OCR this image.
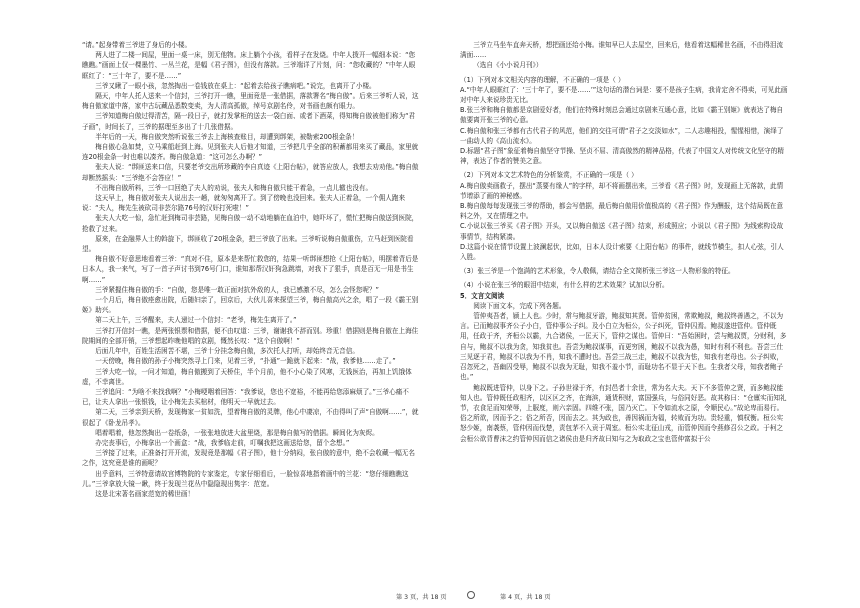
“请。”起身带着三爷进了身后的小楼。

两人进了二楼一间屋，里面一桌一床，别无他物。床上躺个小孩，看样子在发烧。中年人拨开一幅细本说：“您瞧瞧。”画面上仅一棵墨竹、一丛兰花，是幅《君子图》，但没有落款。三爷端详了片刻，问：“您收藏的？”中年人眼眶红了：“三十年了，要不是……”

三爷又瞅了一眼小孩，忽然掏出一卷钱放在桌上：“起着去给孩子瞧病吧。”说完，也离开了小楼。

隔天，中年人托人送来一个信封，三爷打开一瞧，里面竟是一张借据，落款署名“梅自傲”。后来三爷听人说，这梅自傲家道中落，家中古玩藏品悉数变卖，为人清高孤傲，绰号京剧名伶，对书画也颇有眼力。

三爷知道梅自傲过得清苦，隔一段日子，就打发掌柜的送去一袋白面、或者下酒菜，得知梅自傲被他们称为“君子画”，时间长了，三爷的据理至多出了十几张借据。

半年后的一天，梅自傲突然听说张三爷去上海核查账目，却遭到绑架，被勒索200根金条！

梅自傲心急如焚，立马乘船赶到上海。见到张夫人后他才知道，三爷把几乎全部的积蓄都用来买了藏品，家里就连20根金条一时也难以凑齐。梅自傲急道：“这可怎么办啊？”

张夫人说：“绑匪送来口信，只要老爷交出所珍藏的李自真迹《上阳台帖》，就答应放人，我想去劝劝他。”梅自傲却断然摇头：“三爷绝不会答应！”

不出梅自傲所料，三爷一口回绝了夫人的劝说，张夫人和梅自傲只能干着急，一点儿辙也没有。

这天早上，梅自傲对张夫人说出去一趟，就匆匆离开了。到了傍晚也没回来。张夫人正着急，一个佣人跑来说：“夫人，梅先生被砍司非芸尔路76号的汉奸打死啦！”

张夫人大吃一惊，急忙赶到梅司非芸路，见梅自傲一动不动地躺在血泊中，她吓坏了，慌忙把梅自傲送到医院，抢救了过来。

原来，在金融界人士的斡旋下，绑匪收了20根金条，把三爷放了出来。三爷听说梅自傲重伤，立马赶到医院看望。

梅自傲不好意思地看着三爷：“真对不住，原本是来帮忙救您的，结果一听绑匪想抢《上阳台帖》，明摆着背后是日本人，我一来气，写了一首子声讨书到76号门口，谁知那帮汉奸狗急跳墙，对我下了狠手，真是百无一用是书生啊……”

三爷紧握住梅自傲的手：“自傲，您是唯一敢正面对抗外敌的人，我已感激不尽，怎么会怪您呢？”

一个月后，梅自傲痊愈出院，后随妇亲了，回京后，大伙儿喜来探望三爷，梅自傲高兴之余，唱了一段《霸王别姬》助兴。

第二天上午，三爷醒来，夫人递过一个信封：“老爷，梅先生离开了。”

三爷打开信封一瞧，是两张银票和借据，便不由叹道：三爷，谢谢我不辞而别。珍重！借据则是梅自傲在上海住院期间的全部开销，三爷想起昨晚他唱的京剧，慨然长叹：“这个自傲啊！”

后面几年中，百姓生活困苦不堪，三爷十分挂念梅自傲，多次托人打听，却始终音无音信。

一天傍晚，梅自傲的孙子小梅突然寻上门来，见着三爷，“扑通”一跪就下起来：“战，我爹他……走了。”

三爷大吃一惊，一问才知道，梅自傲搬到了天桥住，半个月前，他不小心染了风寒，无钱医治，再加上饥饿体虚，不幸离世。

三爷追问：“为啥不来找我啊？”小梅哽咽着回答：“我爹说，您也不宽裕，不能再给您添麻烦了。”三爷心痛不已，让夫人拿出一张银钱，让小梅先去买棺材，他明天一早就过去。

第二天，三爷亲到天桥，发现梅家一贫如洗，望着梅自傲的灵牌，他心中凄凉，不由得叫了声“自傲啊……”，就很起了《卧龙吊孝》。

唱着唱着，他忽然掏出一卷纸条，一张张地放进大盆里烧，那是梅自傲写的借据。瞬间化为灰烬。

办完丧事后，小梅拿出一个画盒：“战，我爹临走前，叮嘱我把这画送给您，留个念想。”

三爷接了过来，正准备打开开流，发现竟是那幅《君子图》，他十分纳闷，张自傲的意中，绝不会收藏一幅无名之作，这究竟是谁的画呢？

出乎意料，三爷特意请故宫博物院的专家鉴定，专家仔细看后，一脸惊喜地指着画中的兰花：“您仔细瞧瞧这儿。”三爷拿放大镜一瞅，终于发现兰花丛中隐隐现出隽字：范宽。

这是北宋著名画家范宽的稀世画！

三爷立马坐车直奔天桥，想把画还给小梅。谁知早已人去屋空，回来后，他看着这幅稀世名画，不由得泪流满面……

（选自《小小说月刊》）

（1）下列对本文相关内容的理解，不正确的一项是（ ）

A.“中年人眼眶红了：‘三十年了，要不是……’”这句话的潜台词是：要不是孩子生病，我肯定舍不得卖，可见此画对中年人来说珍贵无比。

B.张三爷和梅自傲都是京剧爱好者，他们在特殊时刻总会通过京剧来互通心意，比如《霸王别姬》就表达了梅自傲要离开张三爷的心意。

C.梅自傲和张三爷都有古代君子的风范，他们的交往可谓“君子之交淡如水”，二人志趣相投，惺惺相惜，演绎了一曲动人的《高山流水》。

D.标题“君子图”象征着梅自傲坚守节操、坚贞不屈、清高傲然的精神品格，代表了中国文人对传统文化坚守的精神，表达了作者的赞美之意。

（2）下列对本文艺术特色的分析鉴赏，不正确的一项是（ ）

A.梅自傲卖画救子，摆出“蒸要有缘人”的字样，却不将画摆出来，三爷看《君子图》时，发现画上无落款，此情节增添了画的神秘感。

B.梅自傲每每发现张三爷的帮助，都会写借据，最后梅自傲用价值极高的《君子图》作为酬报，这个结局既在意料之外，又在情理之中。

C.小说以张三爷买《君子图》开头，又以梅自傲送《君子图》结束，形成照应；小说以《君子图》为线索构设故事情节，结构紧凑。

D.这篇小说在情节设置上波澜起伏，比如，日本人设计索要《上阳台帖》的事件，就线节横生，扣人心弦，引人入胜。

（3）张三爷是一个饱满的艺术形象，令人敬佩，请结合全文简析张三爷这一人物形象的特征。

（4）小说在张三爷的眼泪中结束，有什么样的艺术效果？试加以分析。

5．文言文阅读

阅读下面文本，完成下列各题。

管仲夷吾者，颍上人也。少时，常与鲍叔牙游，鲍叔知其贤。管仲贫困，常欺鲍叔，鲍叔终善遇之，不以为言。已而鲍叔事齐公子小白，管仲事公子纠。及小白立为桓公，公子纠死，管仲囚焉。鲍叔遂进管仲。管仲既用，任政于齐，齐桓公以霸，九合诸侯，一匡天下，管仲之谋也。管仲曰：“吾始困时，尝与鲍叔贾，分财利，多自与，鲍叔不以我为贪，知我贫也。吾尝为鲍叔谋事，而更穷困，鲍叔不以我为愚，知时有利不利也。吾尝三仕三见逐于君，鲍叔不以我为不肖，知我不遭时也。吾尝三战三走，鲍叔不以我为怯，知我有老母也。公子纠败，召忽死之，吾幽囚受辱，鲍叔不以我为无耻，知我不羞小节，而耻功名不显于天下也。生我者父母，知我者鲍子也。”

鲍叔既进管仲，以身下之。子孙世禄于齐，有封邑者十余世，常为名大夫。天下不多管仲之贤，而多鲍叔能知人也。管仲既任政相齐，以区区之齐，在海滨，通货积财，富国强兵，与俗同好恶。故其称曰：“仓廪实而知礼节，衣食足而知荣辱，上服度，则六亲固。四维不张，国乃灭亡。下令如流水之原，令顺民心。”故论卑而易行。俗之所欲，因而予之；俗之所否，因而去之。其为政也，善因祸而为福，转败而为功。贵轻重，慎权衡。桓公实怒少姬，南袭蔡，管仲因而伐楚，责包茅不入贡于周室。桓公实北征山戎，而管仲因而令燕修召公之政。于柯之会桓公欲背曹沫之约管仲因而信之诸侯由是归齐故曰知与之为取政之宝也管仲富拟于公

第 3 页，共 18 页	第 4 页，共 18 页
